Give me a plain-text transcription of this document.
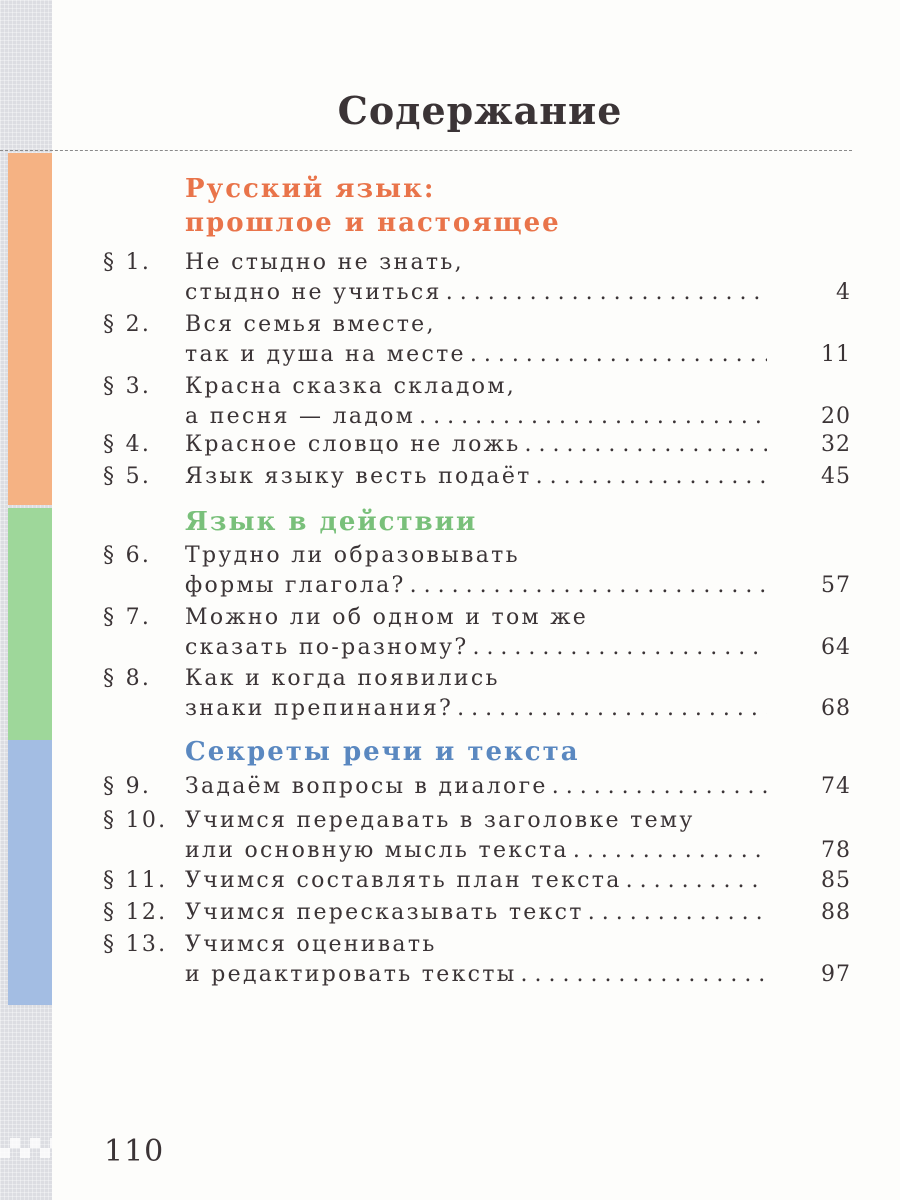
Содержание
Русский язык:
прошлое и настоящее
§ 1. Не стыдно не знать,
стыдно не учиться . . .	4
§ 2. Вся семья вместе,
так и душа на месте . . .	11
§ 3. Красна сказка складом,
а песня — ладом . . .	20
§ 4. Красное словцо не ложь . . .	32
§ 5. Язык языку весть подаёт . . .	45
Язык в действии
§ 6. Трудно ли образовывать
формы глагола? . . .	57
§ 7. Можно ли об одном и том же
сказать по-разному? . . .	64
§ 8. Как и когда появились
знаки препинания? . . .	68
Секреты речи и текста
§ 9. Задаём вопросы в диалоге . . .	74
§ 10. Учимся передавать в заголовке тему
или основную мысль текста . . .	78
§ 11. Учимся составлять план текста . . .	85
§ 12. Учимся пересказывать текст . . .	88
§ 13. Учимся оценивать
и редактировать тексты . . .	97
110
